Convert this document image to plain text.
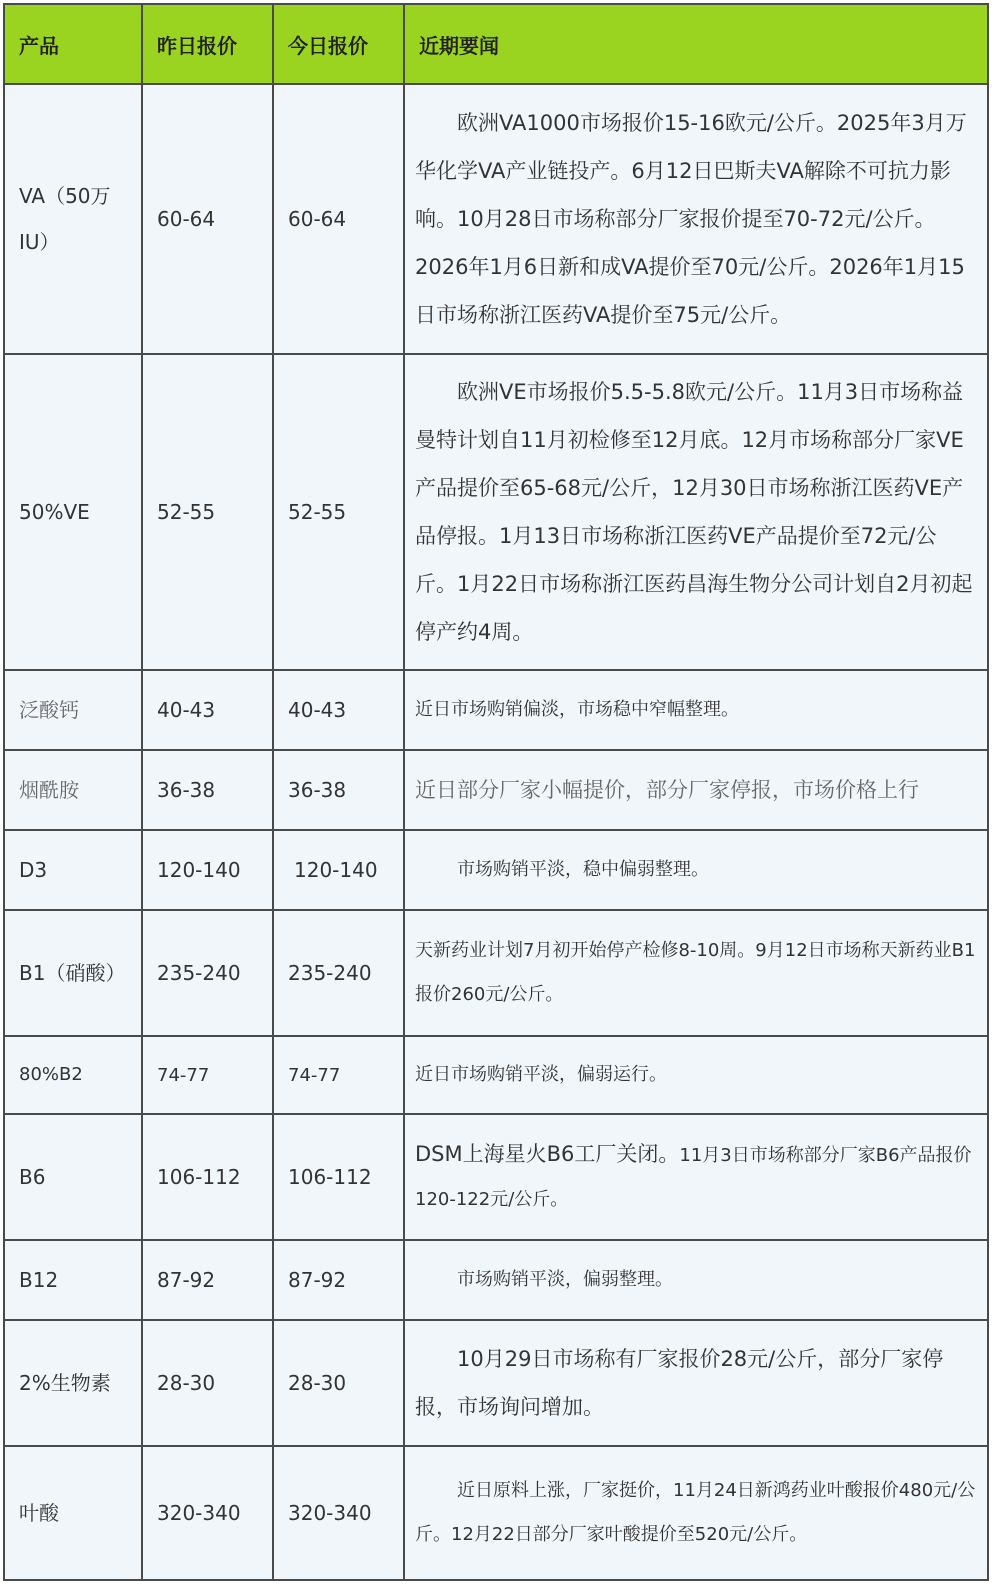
产品	昨日报价	今日报价	近期要闻
VA（50万IU）	60-64	60-64	欧洲VA1000市场报价15-16欧元/公斤。2025年3月万华化学VA产业链投产。6月12日巴斯夫VA解除不可抗力影响。10月28日市场称部分厂家报价提至70-72元/公斤。2026年1月6日新和成VA提价至70元/公斤。2026年1月15日市场称浙江医药VA提价至75元/公斤。
50%VE	52-55	52-55	欧洲VE市场报价5.5-5.8欧元/公斤。11月3日市场称益曼特计划自11月初检修至12月底。12月市场称部分厂家VE产品提价至65-68元/公斤，12月30日市场称浙江医药VE产品停报。1月13日市场称浙江医药VE产品提价至72元/公斤。1月22日市场称浙江医药昌海生物分公司计划自2月初起停产约4周。
泛酸钙	40-43	40-43	近日市场购销偏淡，市场稳中窄幅整理。
烟酰胺	36-38	36-38	近日部分厂家小幅提价，部分厂家停报，市场价格上行
D3	120-140	120-140	市场购销平淡，稳中偏弱整理。
B1（硝酸）	235-240	235-240	天新药业计划7月初开始停产检修8-10周。9月12日市场称天新药业B1报价260元/公斤。
80%B2	74-77	74-77	近日市场购销平淡，偏弱运行。
B6	106-112	106-112	DSM上海星火B6工厂关闭。11月3日市场称部分厂家B6产品报价120-122元/公斤。
B12	87-92	87-92	市场购销平淡，偏弱整理。
2%生物素	28-30	28-30	10月29日市场称有厂家报价28元/公斤，部分厂家停报，市场询问增加。
叶酸	320-340	320-340	近日原料上涨，厂家挺价，11月24日新鸿药业叶酸报价480元/公斤。12月22日部分厂家叶酸提价至520元/公斤。
